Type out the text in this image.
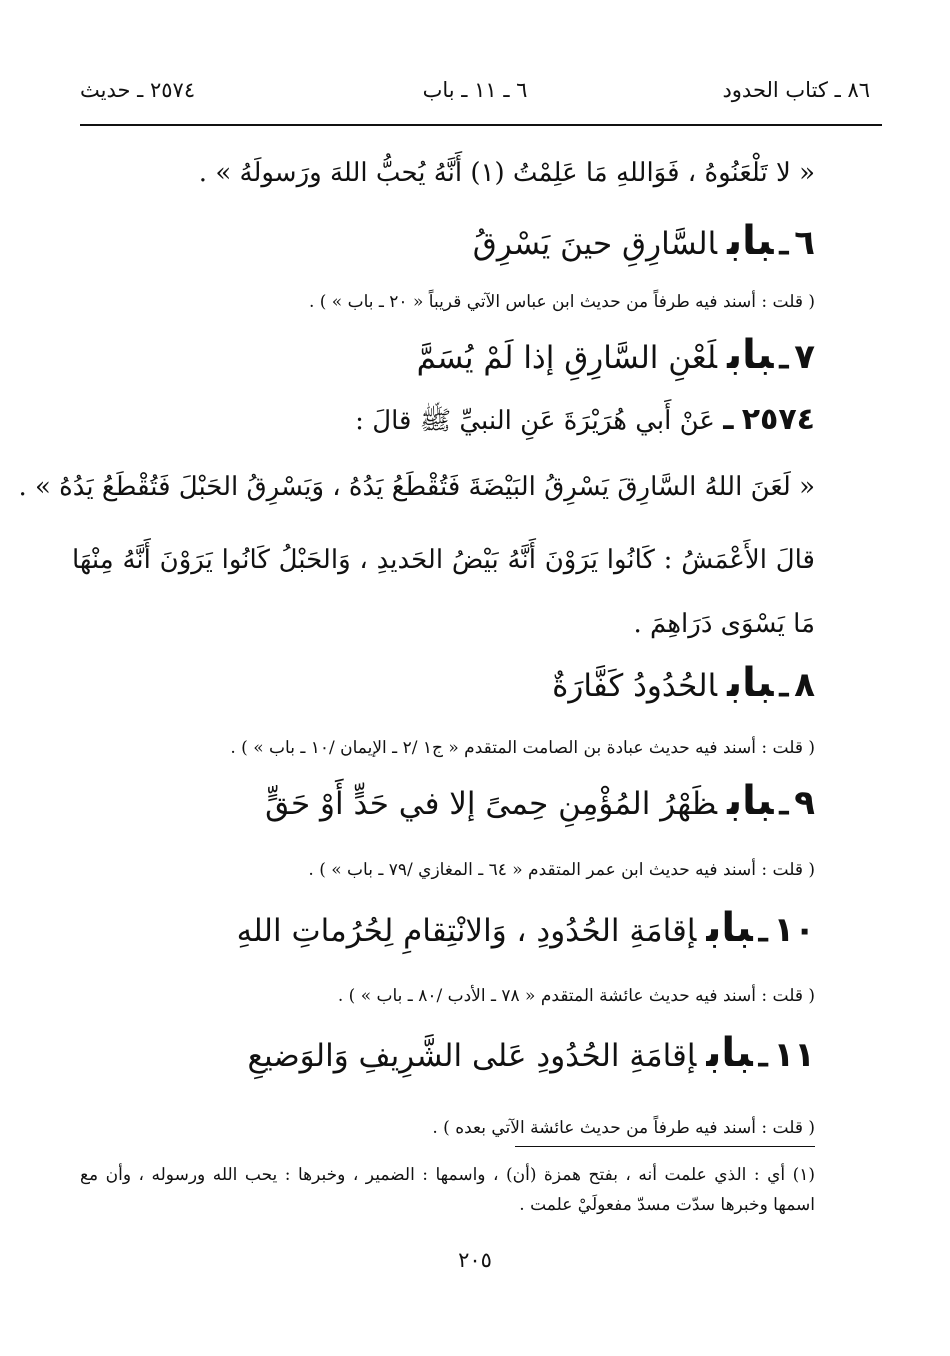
٨٦ ـ كتاب الحدود
٦ ـ ١١ ـ باب
٢٥٧٤ ـ حديث
« لا تَلْعَنُوهُ ، فَوَاللهِ مَا عَلِمْتُ (١) أَنَّهُ يُحبُّ اللهَ ورَسولَهُ » .
٦ـبابالسَّارِقِ حينَ يَسْرِقُ
( قلت : أسند فيه طرفاً من حديث ابن عباس الآتي قريباً « ٢٠ ـ باب » ) .
٧ـبابلَعْنِ السَّارِقِ إذا لَمْ يُسَمَّ
٢٥٧٤ ـ عَنْ أَبي هُرَيْرَةَ عَنِ النبيِّ ﷺ قالَ :
« لَعَنَ اللهُ السَّارِقَ يَسْرِقُ البَيْضَةَ فَتُقْطَعُ يَدُهُ ، وَيَسْرِقُ الحَبْلَ فَتُقْطَعُ يَدُهُ » .
قالَ الأَعْمَشُ : كَانُوا يَرَوْنَ أَنَّهُ بَيْضُ الحَديدِ ، وَالحَبْلُ كَانُوا يَرَوْنَ أَنَّهُ مِنْهَا مَا يَسْوَى دَرَاهِمَ .
٨ـبابالحُدُودُ كَفَّارَةٌ
( قلت : أسند فيه حديث عبادة بن الصامت المتقدم « ج١ /٢ ـ الإيمان /١٠ ـ باب » ) .
٩ـبابظَهْرُ المُؤْمِنِ حِمىً إلا في حَدٍّ أَوْ حَقٍّ
( قلت : أسند فيه حديث ابن عمر المتقدم « ٦٤ ـ المغازي /٧٩ ـ باب » ) .
١٠ـبابإقامَةِ الحُدُودِ ، وَالانْتِقامِ لِحُرُماتِ اللهِ
( قلت : أسند فيه حديث عائشة المتقدم « ٧٨ ـ الأدب /٨٠ ـ باب » ) .
١١ـبابإقامَةِ الحُدُودِ عَلى الشَّرِيفِ وَالوَضيعِ
( قلت : أسند فيه طرفاً من حديث عائشة الآتي بعده ) .
(١) أي : الذي علمت أنه ، بفتح همزة (أن) ، واسمها : الضمير ، وخبرها : يحب الله ورسوله ، وأن مع اسمها وخبرها سدّت مسدّ مفعولَيْ علمت .
٢٠٥
